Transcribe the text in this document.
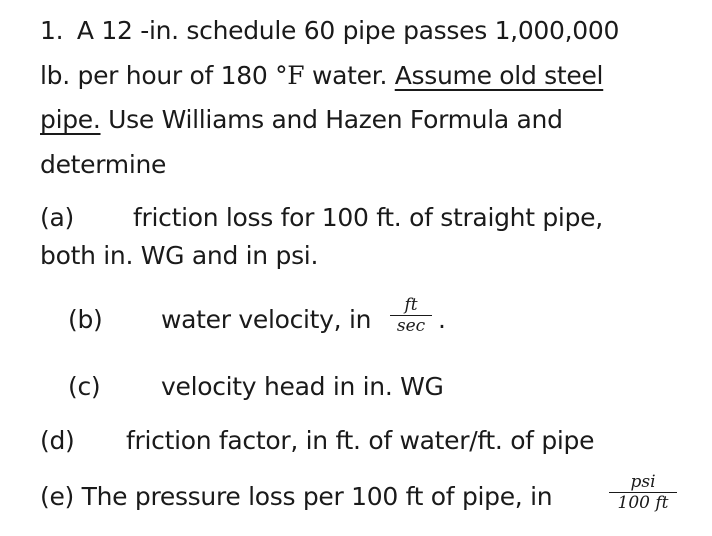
1. A 12 -in. schedule 60 pipe passes 1,000,000
lb. per hour of 180 °F water. Assume old steel
pipe. Use Williams and Hazen Formula and
determine
(a) friction loss for 100 ft. of straight pipe,
both in. WG and in psi.
(b) water velocity, in	ft
sec .
(c) velocity head in in. WG
(d) friction factor, in ft. of water/ft. of pipe
(e) The pressure loss per 100 ft of pipe, in	psi
100 ft
